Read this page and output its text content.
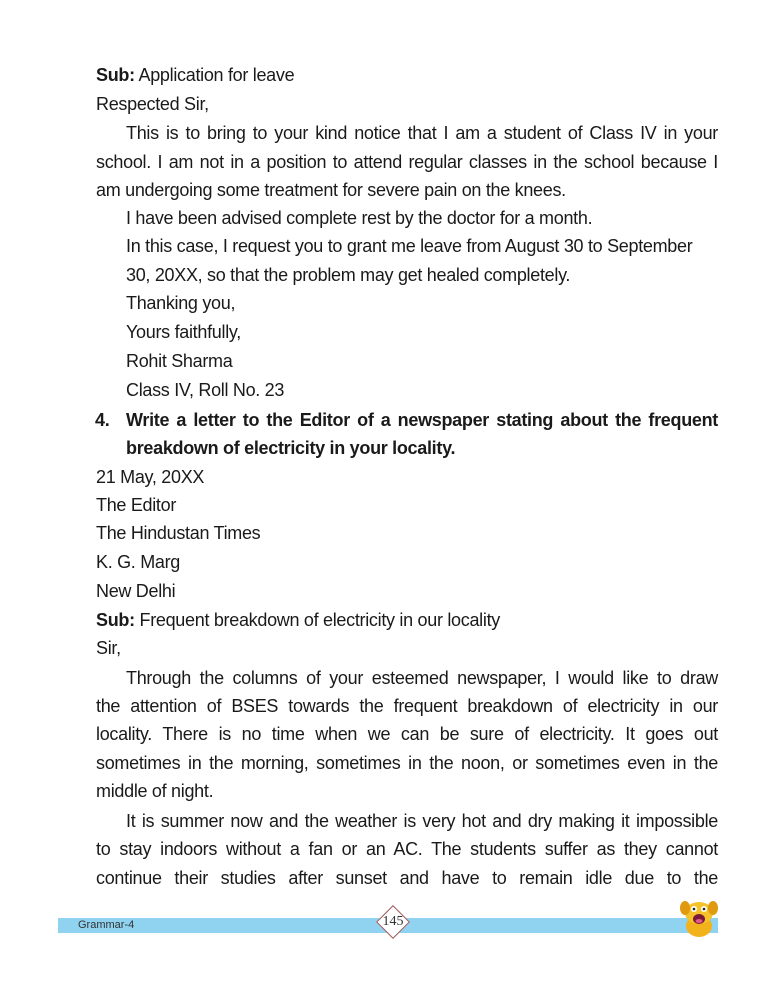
Sub: Application for leave
Respected Sir,
This is to bring to your kind notice that I am a student of Class IV in your
school. I am not in a position to attend regular classes in the school because I
am undergoing some treatment for severe pain on the knees.
I have been advised complete rest by the doctor for a month.
In this case, I request you to grant me leave from August 30 to September
30, 20XX, so that the problem may get healed completely.
Thanking you,
Yours faithfully,
Rohit Sharma
Class IV, Roll No. 23
4. Write a letter to the Editor of a newspaper stating about the frequent
breakdown of electricity in your locality.
21 May, 20XX
The Editor
The Hindustan Times
K. G. Marg
New Delhi
Sub: Frequent breakdown of electricity in our locality
Sir,
Through the columns of your esteemed newspaper, I would like to draw
the attention of BSES towards the frequent breakdown of electricity in our
locality. There is no time when we can be sure of electricity. It goes out
sometimes in the morning, sometimes in the noon, or sometimes even in the
middle of night.
It is summer now and the weather is very hot and dry making it impossible
to stay indoors without a fan or an AC. The students suffer as they cannot
continue their studies after sunset and have to remain idle due to the
Grammar-4	145
